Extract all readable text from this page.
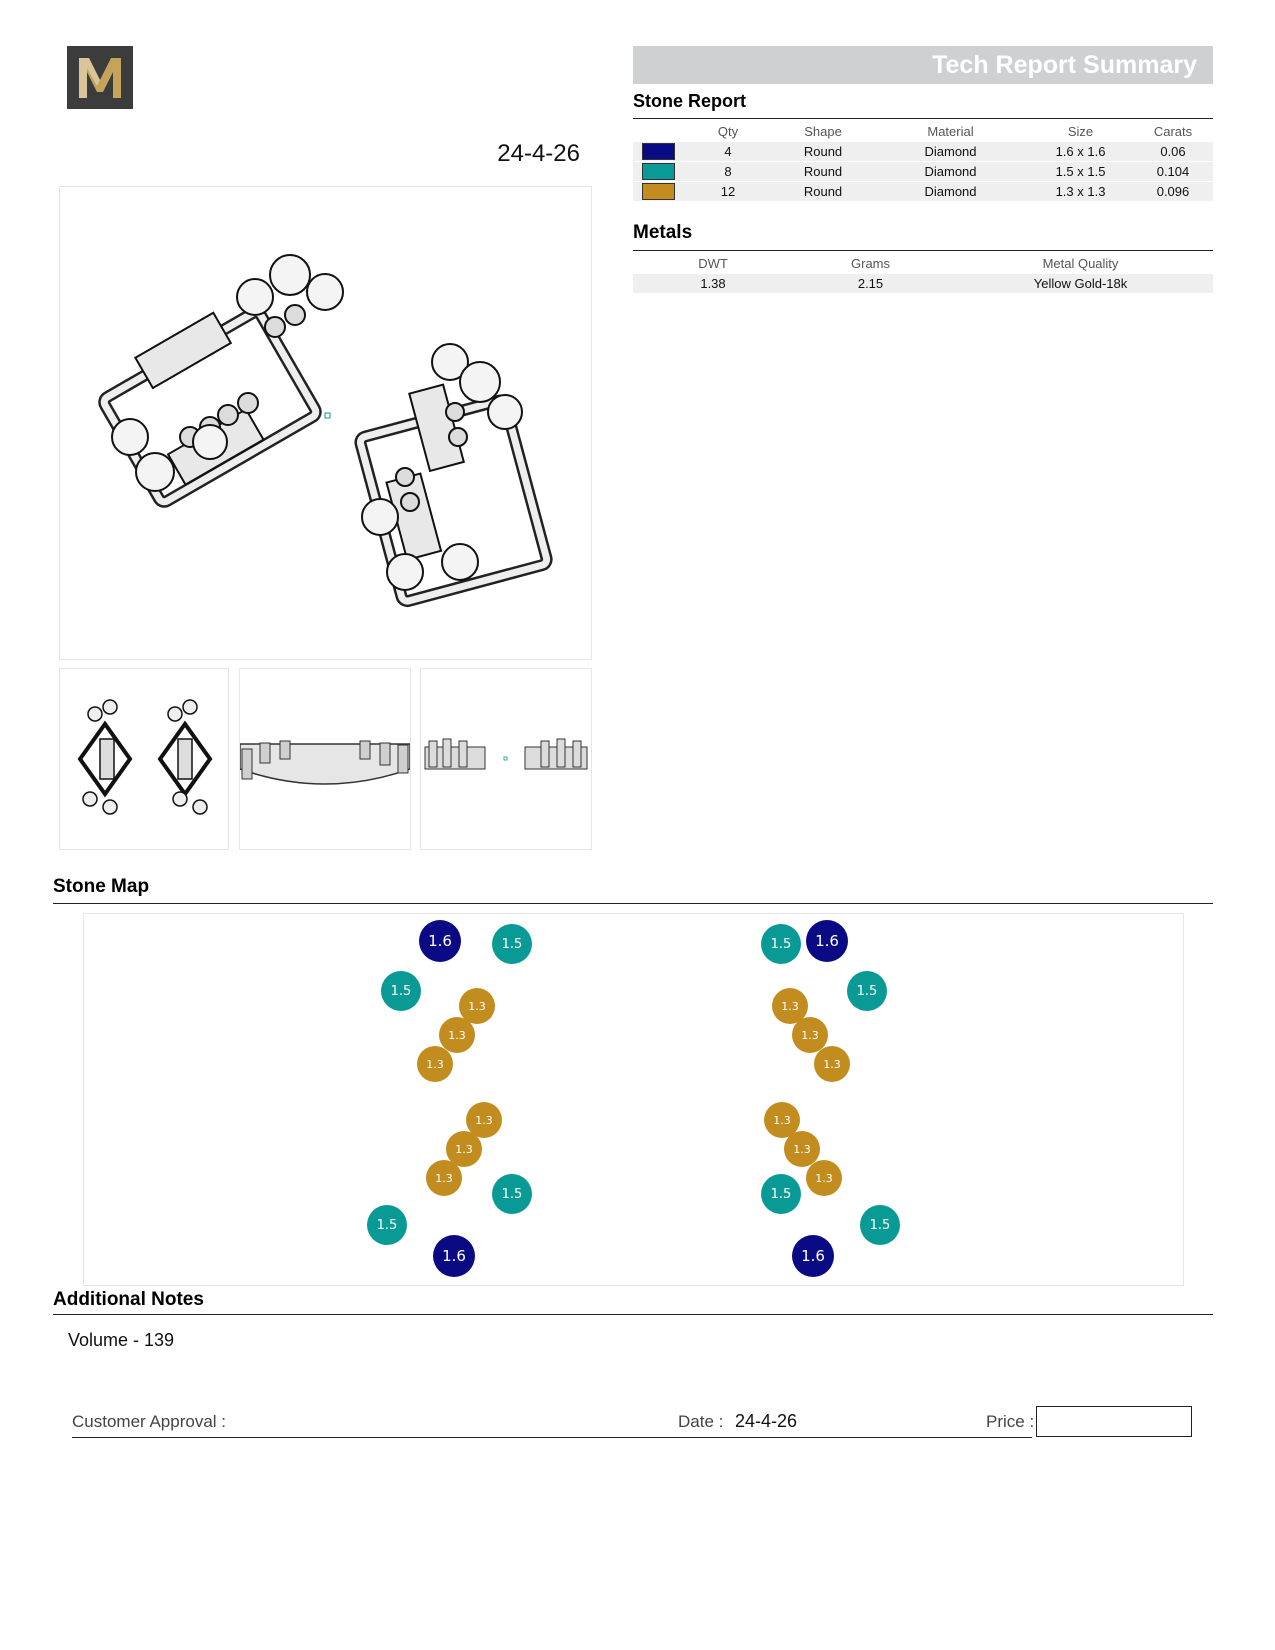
24-4-26
Tech Report Summary
Stone Report
	Qty	Shape	Material	Size	Carats
	4	Round	Diamond	1.6 x 1.6	0.06
	8	Round	Diamond	1.5 x 1.5	0.104
	12	Round	Diamond	1.3 x 1.3	0.096
Metals
DWT	Grams	Metal Quality
1.38	2.15	Yellow Gold-18k
Stone Map
1.6	1.5	1.5	1.6
1.5	1.5
1.3	1.3
1.3	1.3
1.3	1.3
1.3	1.3
1.3	1.3
1.3	1.3
1.5	1.5
1.5	1.5
1.6	1.6
Additional Notes
Volume - 139
Customer Approval :	Date : 24-4-26	Price :
